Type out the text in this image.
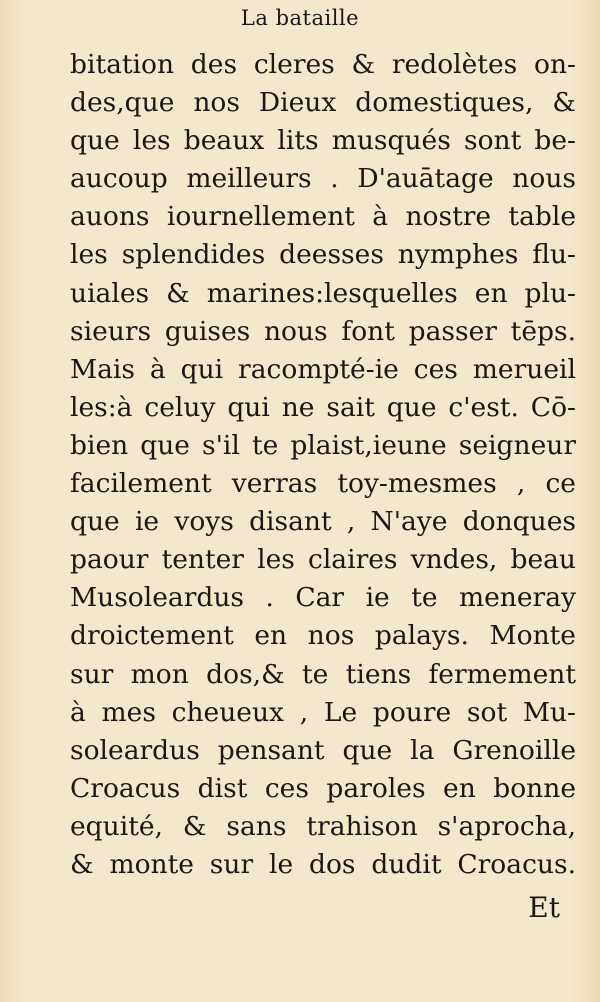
La bataille
bitation des cleres & redolètes on-
des,que nos Dieux domestiques, &
que les beaux lits musqués sont be-
aucoup meilleurs . D'auātage nous
auons iournellement à nostre table
les splendides deesses nymphes flu-
uiales & marines:lesquelles en plu-
sieurs guises nous font passer tēps.
Mais à qui racompté-ie ces merueil
les:à celuy qui ne sait que c'est. Cō-
bien que s'il te plaist,ieune seigneur
facilement verras toy-mesmes , ce
que ie voys disant , N'aye donques
paour tenter les claires vndes, beau
Musoleardus . Car ie te meneray
droictement en nos palays. Monte
sur mon dos,& te tiens fermement
à mes cheueux , Le poure sot Mu-
soleardus pensant que la Grenoille
Croacus dist ces paroles en bonne
equité, & sans trahison s'aprocha,
& monte sur le dos dudit Croacus.
Et
